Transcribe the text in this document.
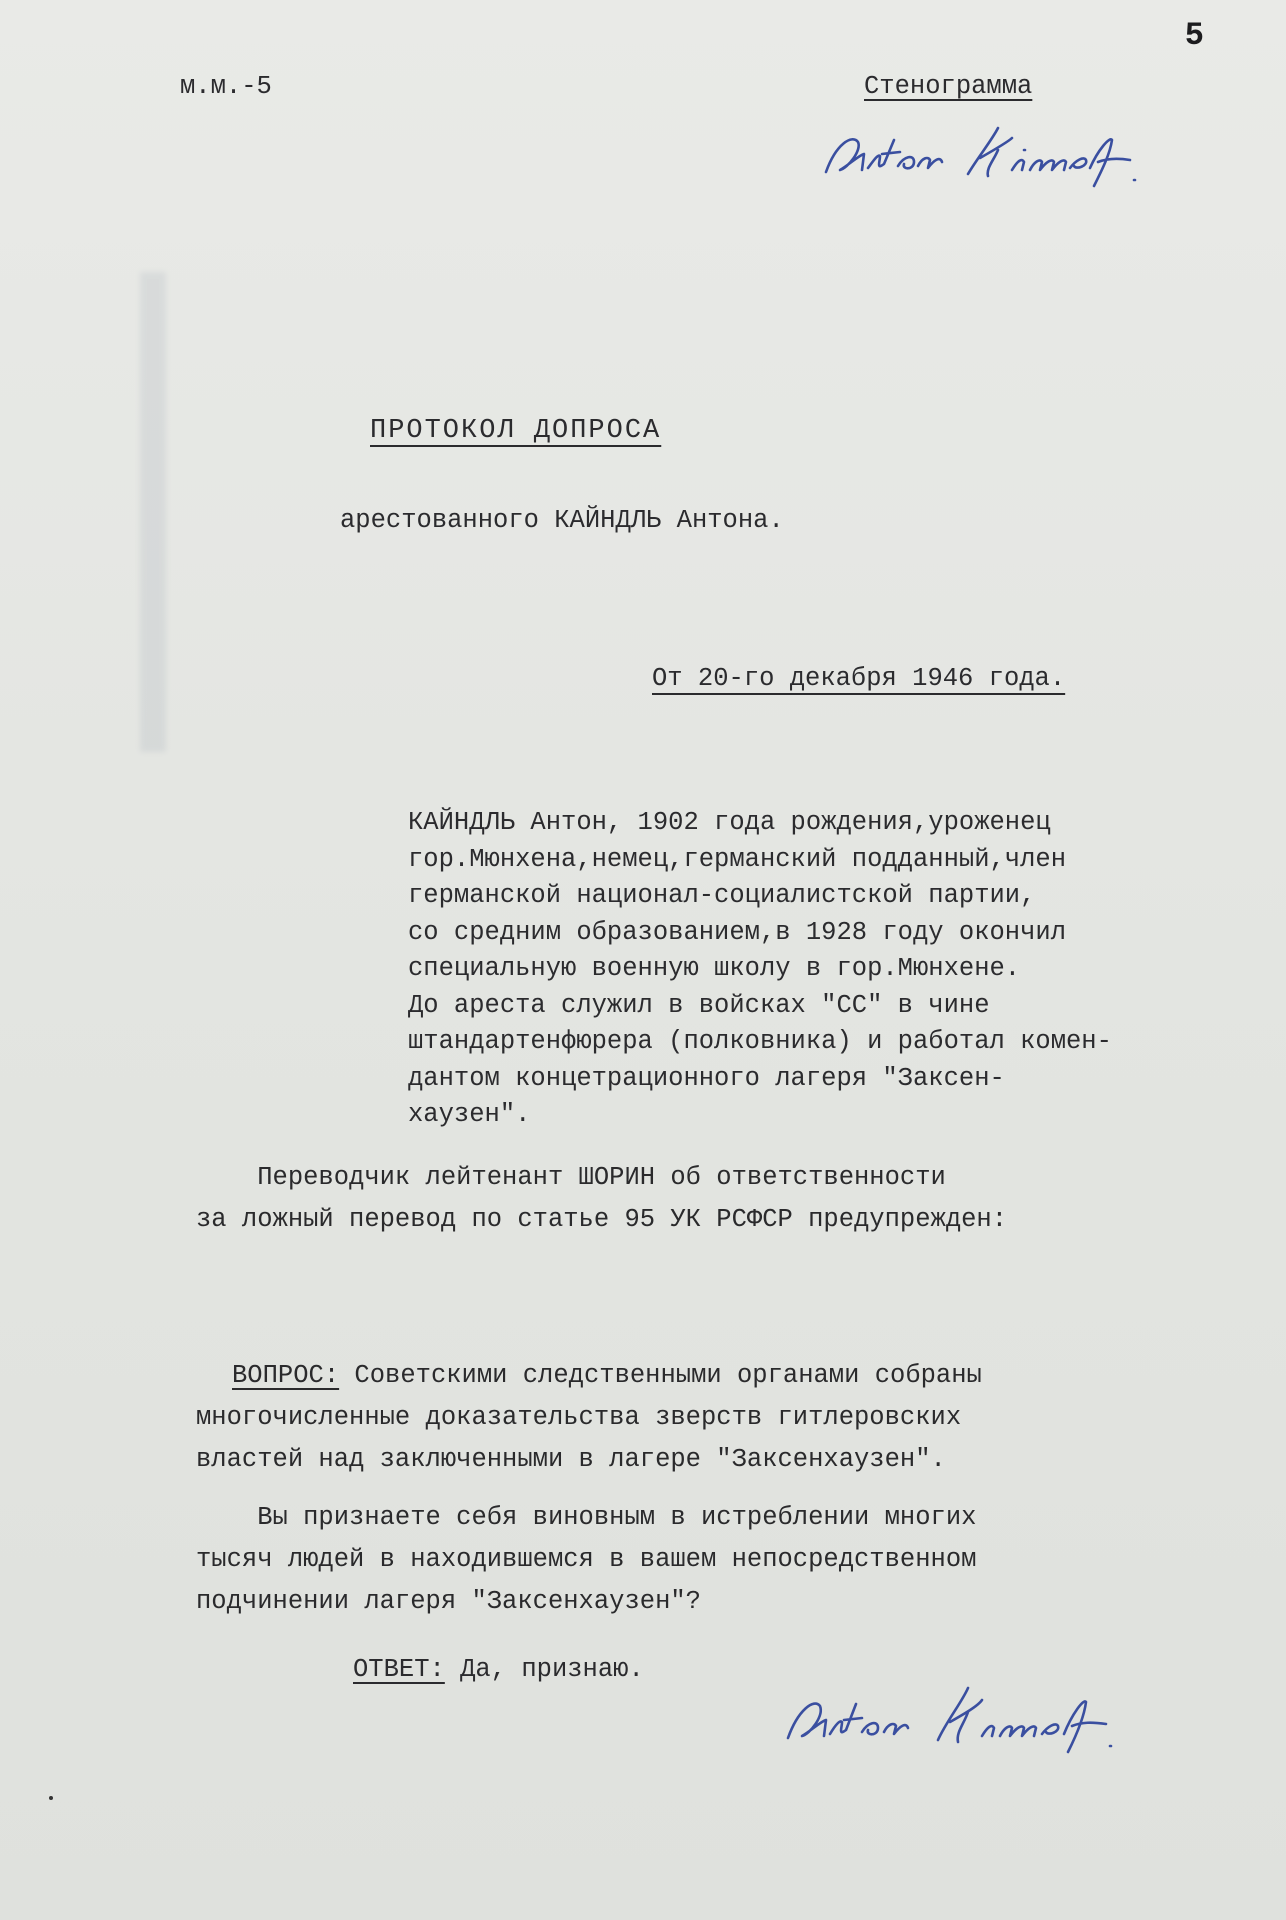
5
м.м.-5	Стенограмма
ПРОТОКОЛ ДОПРОСА
арестованного КАЙНДЛЬ Антона.
От 20-го декабря 1946 года.
КАЙНДЛЬ Антон, 1902 года рождения,уроженец
гор.Мюнхена,немец,германский подданный,член
германской национал-социалистской партии,
со средним образованием,в 1928 году окончил
специальную военную школу в гор.Мюнхене.
До ареста служил в войсках "СС" в чине
штандартенфюрера (полковника) и работал комен-
дантом концетрационного лагеря "Заксен-
хаузен".
Переводчик лейтенант ШОРИН об ответственности
за ложный перевод по статье 95 УК РСФСР предупрежден:
ВОПРОС: Советскими следственными органами собраны
многочисленные доказательства зверств гитлеровских
властей над заключенными в лагере "Заксенхаузен".
Вы признаете себя виновным в истреблении многих
тысяч людей в находившемся в вашем непосредственном
подчинении лагеря "Заксенхаузен"?
ОТВЕТ: Да, признаю.
